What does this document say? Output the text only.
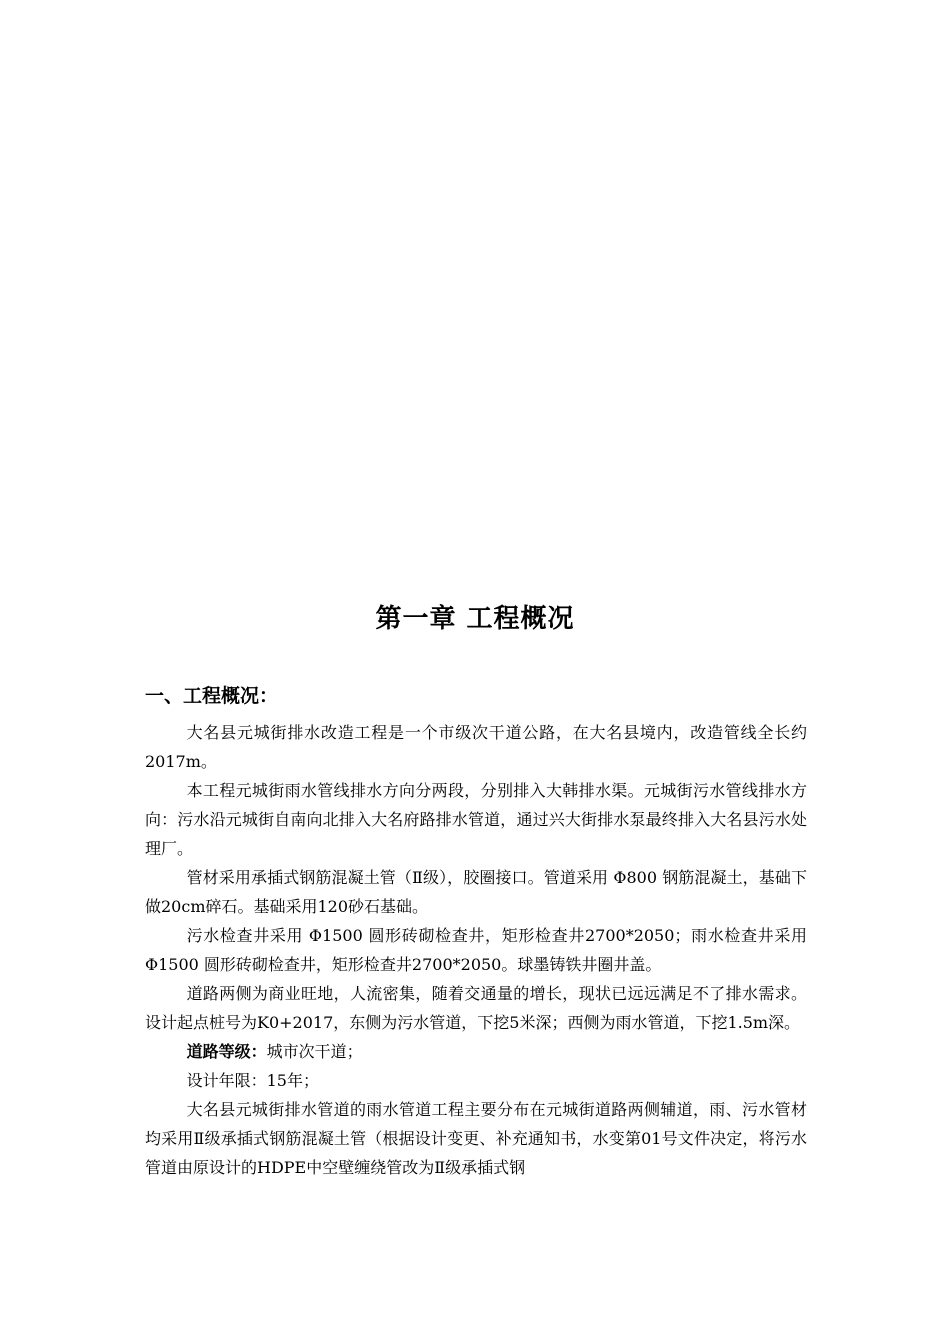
第一章 工程概况
一、工程概况：

大名县元城街排水改造工程是一个市级次干道公路，在大名县境内，改造管线全长约2017m。

本工程元城街雨水管线排水方向分两段，分别排入大韩排水渠。元城街污水管线排水方向：污水沿元城街自南向北排入大名府路排水管道，通过兴大街排水泵最终排入大名县污水处理厂。

管材采用承插式钢筋混凝土管（Ⅱ级），胶圈接口。管道采用 Φ800 钢筋混凝土，基础下做20cm碎石。基础采用120砂石基础。

污水检查井采用 Φ1500 圆形砖砌检查井，矩形检查井2700*2050；雨水检查井采用 Φ1500 圆形砖砌检查井，矩形检查井2700*2050。球墨铸铁井圈井盖。

道路两侧为商业旺地，人流密集，随着交通量的增长，现状已远远满足不了排水需求。设计起点桩号为K0+2017，东侧为污水管道，下挖5米深；西侧为雨水管道，下挖1.5m深。

道路等级：城市次干道；

设计年限：15年；

大名县元城街排水管道的雨水管道工程主要分布在元城街道路两侧辅道，雨、污水管材均采用Ⅱ级承插式钢筋混凝土管（根据设计变更、补充通知书，水变第01号文件决定，将污水管道由原设计的HDPE中空壁缠绕管改为Ⅱ级承插式钢
